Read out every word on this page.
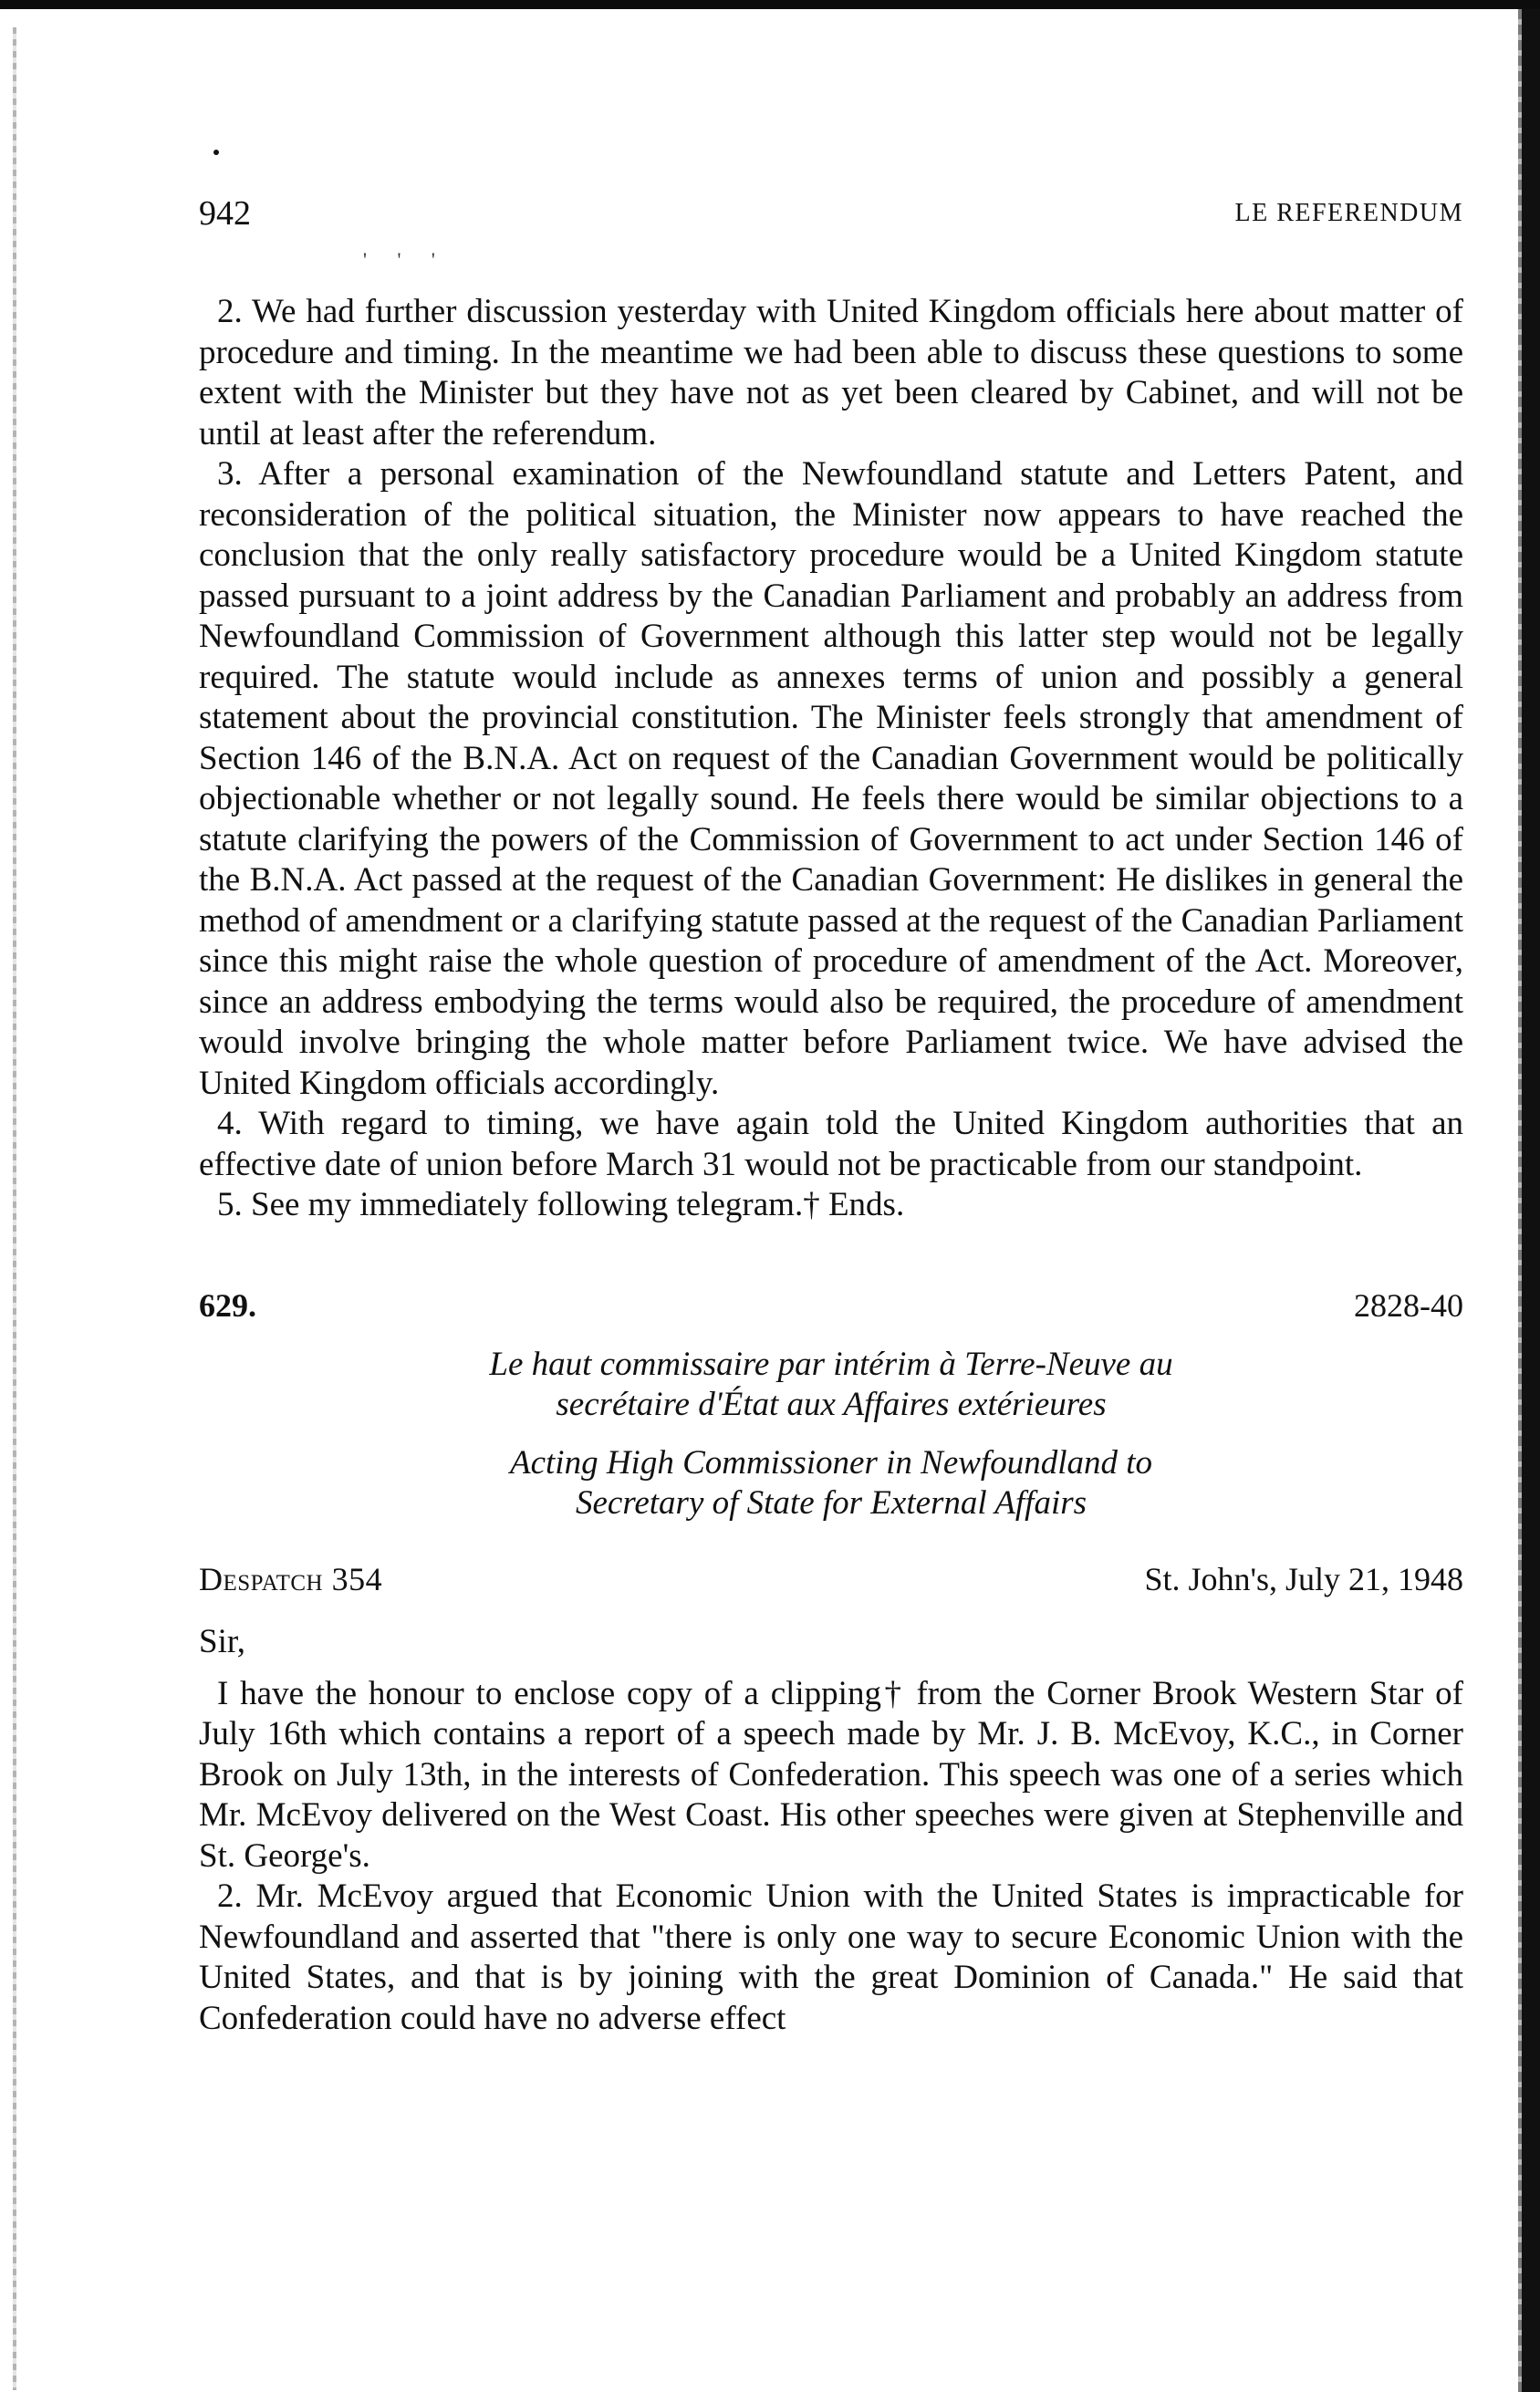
942	LE REFERENDUM
' ' '

2. We had further discussion yesterday with United Kingdom officials here about matter of procedure and timing. In the meantime we had been able to discuss these questions to some extent with the Minister but they have not as yet been cleared by Cabinet, and will not be until at least after the referendum.

3. After a personal examination of the Newfoundland statute and Letters Patent, and reconsideration of the political situation, the Minister now appears to have reached the conclusion that the only really satisfactory procedure would be a United Kingdom statute passed pursuant to a joint address by the Canadian Parliament and probably an address from Newfoundland Commission of Government although this latter step would not be legally required. The statute would include as annexes terms of union and possibly a general statement about the provincial constitution. The Minister feels strongly that amendment of Section 146 of the B.N.A. Act on request of the Canadian Government would be politically objectionable whether or not legally sound. He feels there would be similar objections to a statute clarifying the powers of the Commission of Government to act under Section 146 of the B.N.A. Act passed at the request of the Canadian Government: He dislikes in general the method of amendment or a clarifying statute passed at the request of the Canadian Parliament since this might raise the whole question of procedure of amendment of the Act. Moreover, since an address embodying the terms would also be required, the procedure of amendment would involve bringing the whole matter before Parliament twice. We have advised the United Kingdom officials accordingly.

4. With regard to timing, we have again told the United Kingdom authorities that an effective date of union before March 31 would not be practicable from our standpoint.

5. See my immediately following telegram.† Ends.

629.	2828-40
Le haut commissaire par intérim à Terre-Neuve au
secrétaire d'État aux Affaires extérieures
Acting High Commissioner in Newfoundland to
Secretary of State for External Affairs
Despatch 354	St. John's, July 21, 1948
Sir,

I have the honour to enclose copy of a clipping† from the Corner Brook Western Star of July 16th which contains a report of a speech made by Mr. J. B. McEvoy, K.C., in Corner Brook on July 13th, in the interests of Confederation. This speech was one of a series which Mr. McEvoy delivered on the West Coast. His other speeches were given at Stephenville and St. George's.

2. Mr. McEvoy argued that Economic Union with the United States is impracticable for Newfoundland and asserted that "there is only one way to secure Economic Union with the United States, and that is by joining with the great Dominion of Canada." He said that Confederation could have no adverse effect
